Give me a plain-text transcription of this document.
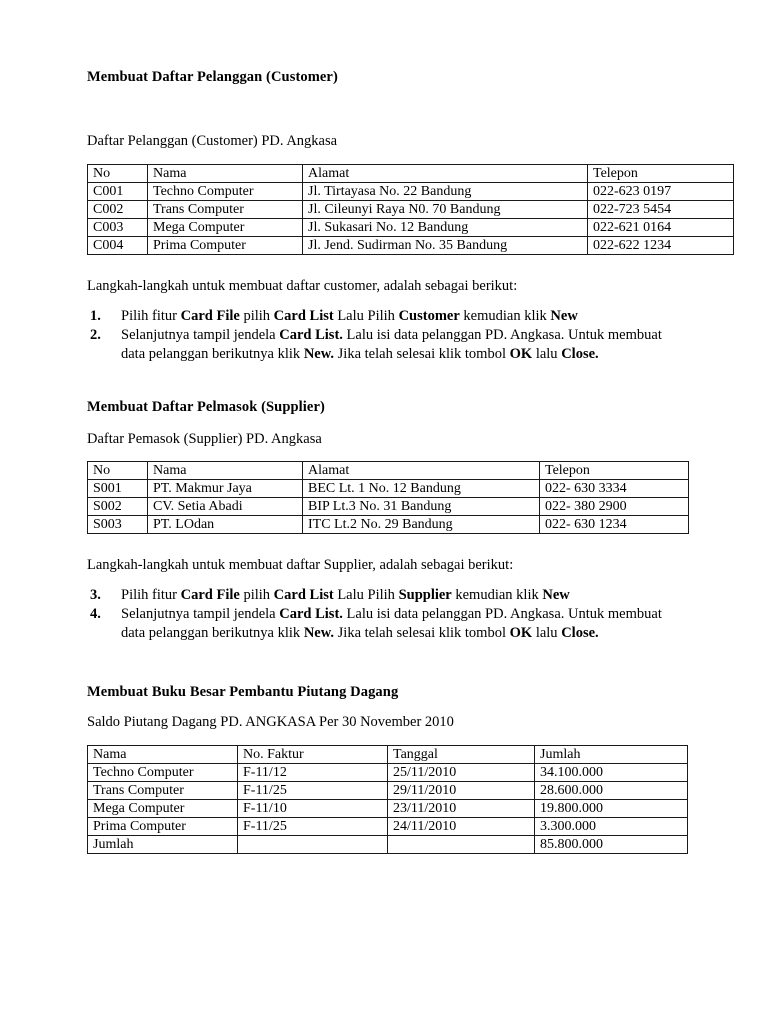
Membuat Daftar Pelanggan (Customer)

Daftar Pelanggan (Customer) PD. Angkasa

No	Nama	Alamat	Telepon
C001	Techno Computer	Jl. Tirtayasa No. 22 Bandung	022-623 0197
C002	Trans Computer	Jl. Cileunyi Raya N0. 70 Bandung	022-723 5454
C003	Mega Computer	Jl. Sukasari No. 12 Bandung	022-621 0164
C004	Prima Computer	Jl. Jend. Sudirman No. 35 Bandung	022-622 1234

Langkah-langkah untuk membuat daftar customer, adalah sebagai berikut:

1.	Pilih fitur Card File pilih Card List Lalu Pilih Customer kemudian klik New
2.	Selanjutnya tampil jendela Card List. Lalu isi data pelanggan PD. Angkasa. Untuk membuat data pelanggan berikutnya klik New. Jika telah selesai klik tombol OK lalu Close.
Membuat Daftar Pelmasok (Supplier)

Daftar Pemasok (Supplier) PD. Angkasa

No	Nama	Alamat	Telepon
S001	PT. Makmur Jaya	BEC Lt. 1 No. 12 Bandung	022- 630 3334
S002	CV. Setia Abadi	BIP Lt.3 No. 31 Bandung	022- 380 2900
S003	PT. LOdan	ITC Lt.2 No. 29 Bandung	022- 630 1234

Langkah-langkah untuk membuat daftar Supplier, adalah sebagai berikut:

3.	Pilih fitur Card File pilih Card List Lalu Pilih Supplier kemudian klik New
4.	Selanjutnya tampil jendela Card List. Lalu isi data pelanggan PD. Angkasa. Untuk membuat data pelanggan berikutnya klik New. Jika telah selesai klik tombol OK lalu Close.
Membuat Buku Besar Pembantu Piutang Dagang

Saldo Piutang Dagang PD. ANGKASA Per 30 November 2010

Nama	No. Faktur	Tanggal	Jumlah
Techno Computer	F-11/12	25/11/2010	34.100.000
Trans Computer	F-11/25	29/11/2010	28.600.000
Mega Computer	F-11/10	23/11/2010	19.800.000
Prima Computer	F-11/25	24/11/2010	3.300.000
Jumlah			85.800.000
